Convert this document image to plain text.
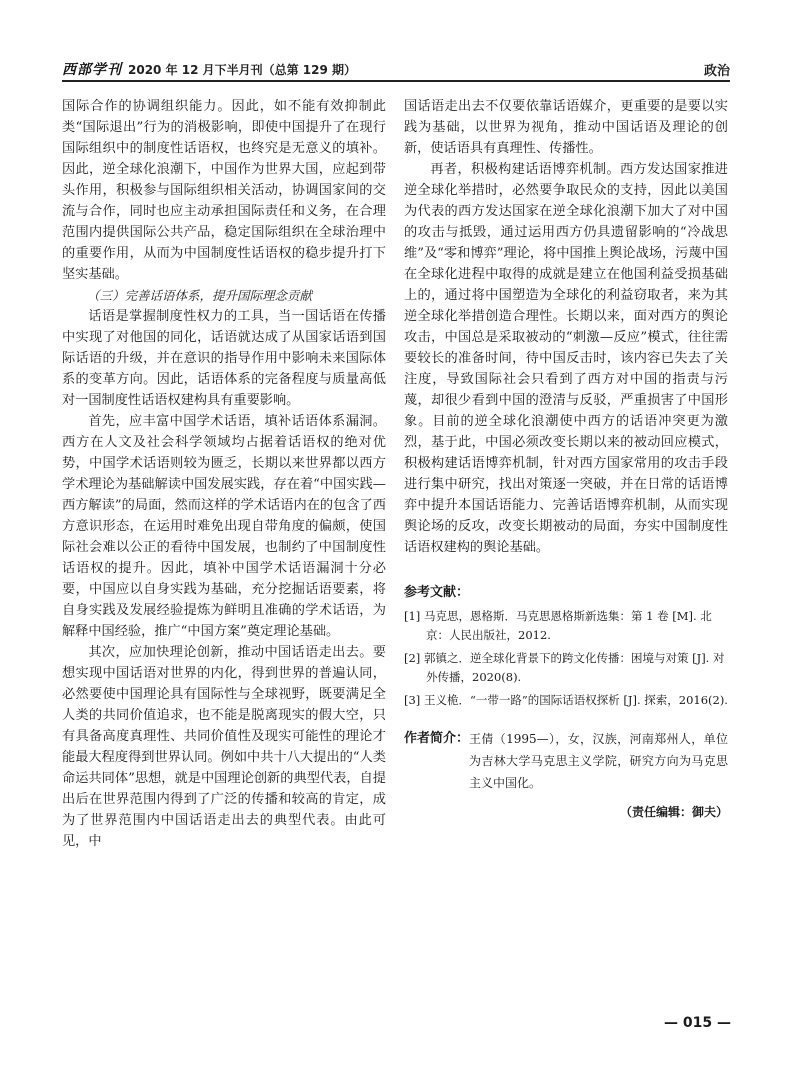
西部学刊 2020 年 12 月下半月刊（总第 129 期）	政治

国际合作的协调组织能力。因此，如不能有效抑制此类“国际退出”行为的消极影响，即使中国提升了在现行国际组织中的制度性话语权，也终究是无意义的填补。因此，逆全球化浪潮下，中国作为世界大国，应起到带头作用，积极参与国际组织相关活动，协调国家间的交流与合作，同时也应主动承担国际责任和义务，在合理范围内提供国际公共产品，稳定国际组织在全球治理中的重要作用，从而为中国制度性话语权的稳步提升打下坚实基础。

（三）完善话语体系，提升国际理念贡献

话语是掌握制度性权力的工具，当一国话语在传播中实现了对他国的同化，话语就达成了从国家话语到国际话语的升级，并在意识的指导作用中影响未来国际体系的变革方向。因此，话语体系的完备程度与质量高低对一国制度性话语权建构具有重要影响。

首先，应丰富中国学术话语，填补话语体系漏洞。西方在人文及社会科学领域均占据着话语权的绝对优势，中国学术话语则较为匮乏，长期以来世界都以西方学术理论为基础解读中国发展实践，存在着“中国实践—西方解读”的局面，然而这样的学术话语内在的包含了西方意识形态，在运用时难免出现自带角度的偏颇，使国际社会难以公正的看待中国发展，也制约了中国制度性话语权的提升。因此，填补中国学术话语漏洞十分必要，中国应以自身实践为基础，充分挖掘话语要素，将自身实践及发展经验提炼为鲜明且准确的学术话语，为解释中国经验，推广“中国方案”奠定理论基础。

其次，应加快理论创新，推动中国话语走出去。要想实现中国话语对世界的内化，得到世界的普遍认同，必然要使中国理论具有国际性与全球视野，既要满足全人类的共同价值追求，也不能是脱离现实的假大空，只有具备高度真理性、共同价值性及现实可能性的理论才能最大程度得到世界认同。例如中共十八大提出的“人类命运共同体”思想，就是中国理论创新的典型代表，自提出后在世界范围内得到了广泛的传播和较高的肯定，成为了世界范围内中国话语走出去的典型代表。由此可见，中

国话语走出去不仅要依靠话语媒介，更重要的是要以实践为基础，以世界为视角，推动中国话语及理论的创新，使话语具有真理性、传播性。

再者，积极构建话语博弈机制。西方发达国家推进逆全球化举措时，必然要争取民众的支持，因此以美国为代表的西方发达国家在逆全球化浪潮下加大了对中国的攻击与抵毁，通过运用西方仍具遗留影响的“冷战思维”及“零和博弈”理论，将中国推上舆论战场，污蔑中国在全球化进程中取得的成就是建立在他国利益受损基础上的，通过将中国塑造为全球化的利益窃取者，来为其逆全球化举措创造合理性。长期以来，面对西方的舆论攻击，中国总是采取被动的“刺激—反应”模式，往往需要较长的准备时间，待中国反击时，该内容已失去了关注度，导致国际社会只看到了西方对中国的指责与污蔑，却很少看到中国的澄清与反驳，严重损害了中国形象。目前的逆全球化浪潮使中西方的话语冲突更为激烈，基于此，中国必须改变长期以来的被动回应模式，积极构建话语博弈机制，针对西方国家常用的攻击手段进行集中研究，找出对策逐一突破，并在日常的话语博弈中提升本国话语能力、完善话语博弈机制，从而实现舆论场的反攻，改变长期被动的局面，夯实中国制度性话语权建构的舆论基础。

参考文献：
[1] 马克思，恩格斯．马克思恩格斯新选集：第 1 卷 [M]. 北京：人民出版社，2012.
[2] 郭镇之．逆全球化背景下的跨文化传播：困境与对策 [J]. 对外传播，2020(8).
[3] 王义桅．“一带一路”的国际话语权探析 [J]. 探索，2016(2).
作者简介： 王倩（1995—），女，汉族，河南郑州人，单位为吉林大学马克思主义学院，研究方向为马克思主义中国化。
（责任编辑：御夫）
— 015 —
